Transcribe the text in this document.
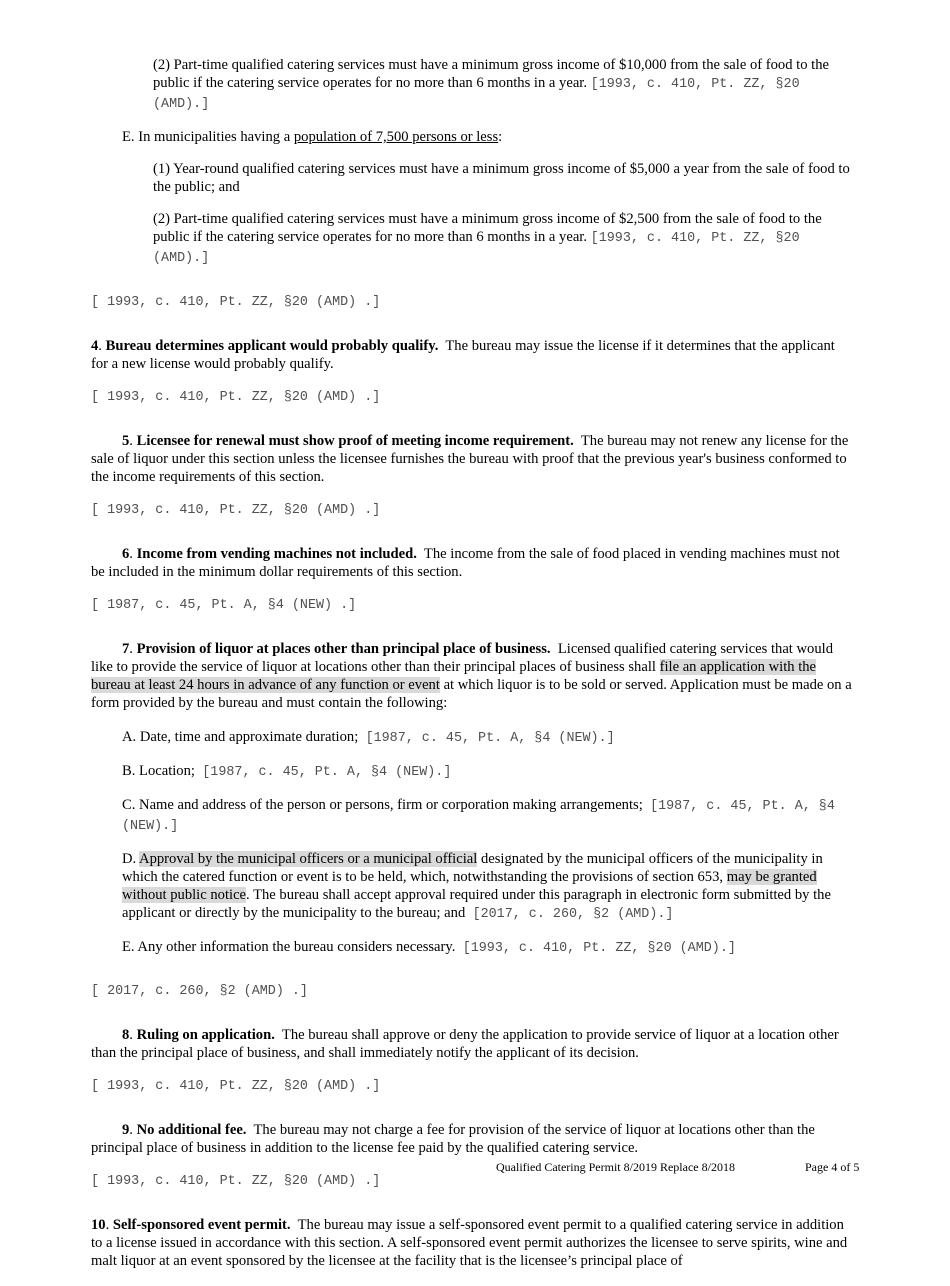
(2) Part-time qualified catering services must have a minimum gross income of $10,000 from the sale of food to the public if the catering service operates for no more than 6 months in a year. [1993, c. 410, Pt. ZZ, §20 (AMD).]

E. In municipalities having a population of 7,500 persons or less:

(1) Year-round qualified catering services must have a minimum gross income of $5,000 a year from the sale of food to the public; and

(2) Part-time qualified catering services must have a minimum gross income of $2,500 from the sale of food to the public if the catering service operates for no more than 6 months in a year. [1993, c. 410, Pt. ZZ, §20 (AMD).]

[ 1993, c. 410, Pt. ZZ, §20 (AMD) .]

4. Bureau determines applicant would probably qualify. The bureau may issue the license if it determines that the applicant for a new license would probably qualify.

[ 1993, c. 410, Pt. ZZ, §20 (AMD) .]

5. Licensee for renewal must show proof of meeting income requirement. The bureau may not renew any license for the sale of liquor under this section unless the licensee furnishes the bureau with proof that the previous year's business conformed to the income requirements of this section.

[ 1993, c. 410, Pt. ZZ, §20 (AMD) .]

6. Income from vending machines not included. The income from the sale of food placed in vending machines must not be included in the minimum dollar requirements of this section.

[ 1987, c. 45, Pt. A, §4 (NEW) .]

7. Provision of liquor at places other than principal place of business. Licensed qualified catering services that would like to provide the service of liquor at locations other than their principal places of business shall file an application with the bureau at least 24 hours in advance of any function or event at which liquor is to be sold or served. Application must be made on a form provided by the bureau and must contain the following:

A. Date, time and approximate duration; [1987, c. 45, Pt. A, §4 (NEW).]

B. Location; [1987, c. 45, Pt. A, §4 (NEW).]

C. Name and address of the person or persons, firm or corporation making arrangements; [1987, c. 45, Pt. A, §4 (NEW).]

D. Approval by the municipal officers or a municipal official designated by the municipal officers of the municipality in which the catered function or event is to be held, which, notwithstanding the provisions of section 653, may be granted without public notice. The bureau shall accept approval required under this paragraph in electronic form submitted by the applicant or directly by the municipality to the bureau; and [2017, c. 260, §2 (AMD).]

E. Any other information the bureau considers necessary. [1993, c. 410, Pt. ZZ, §20 (AMD).]

[ 2017, c. 260, §2 (AMD) .]

8. Ruling on application. The bureau shall approve or deny the application to provide service of liquor at a location other than the principal place of business, and shall immediately notify the applicant of its decision.

[ 1993, c. 410, Pt. ZZ, §20 (AMD) .]

9. No additional fee. The bureau may not charge a fee for provision of the service of liquor at locations other than the principal place of business in addition to the license fee paid by the qualified catering service.

[ 1993, c. 410, Pt. ZZ, §20 (AMD) .]

10. Self-sponsored event permit. The bureau may issue a self-sponsored event permit to a qualified catering service in addition to a license issued in accordance with this section. A self-sponsored event permit authorizes the licensee to serve spirits, wine and malt liquor at an event sponsored by the licensee at the facility that is the licensee’s principal place of

Qualified Catering Permit 8/2019 Replace 8/2018	Page 4 of 5
